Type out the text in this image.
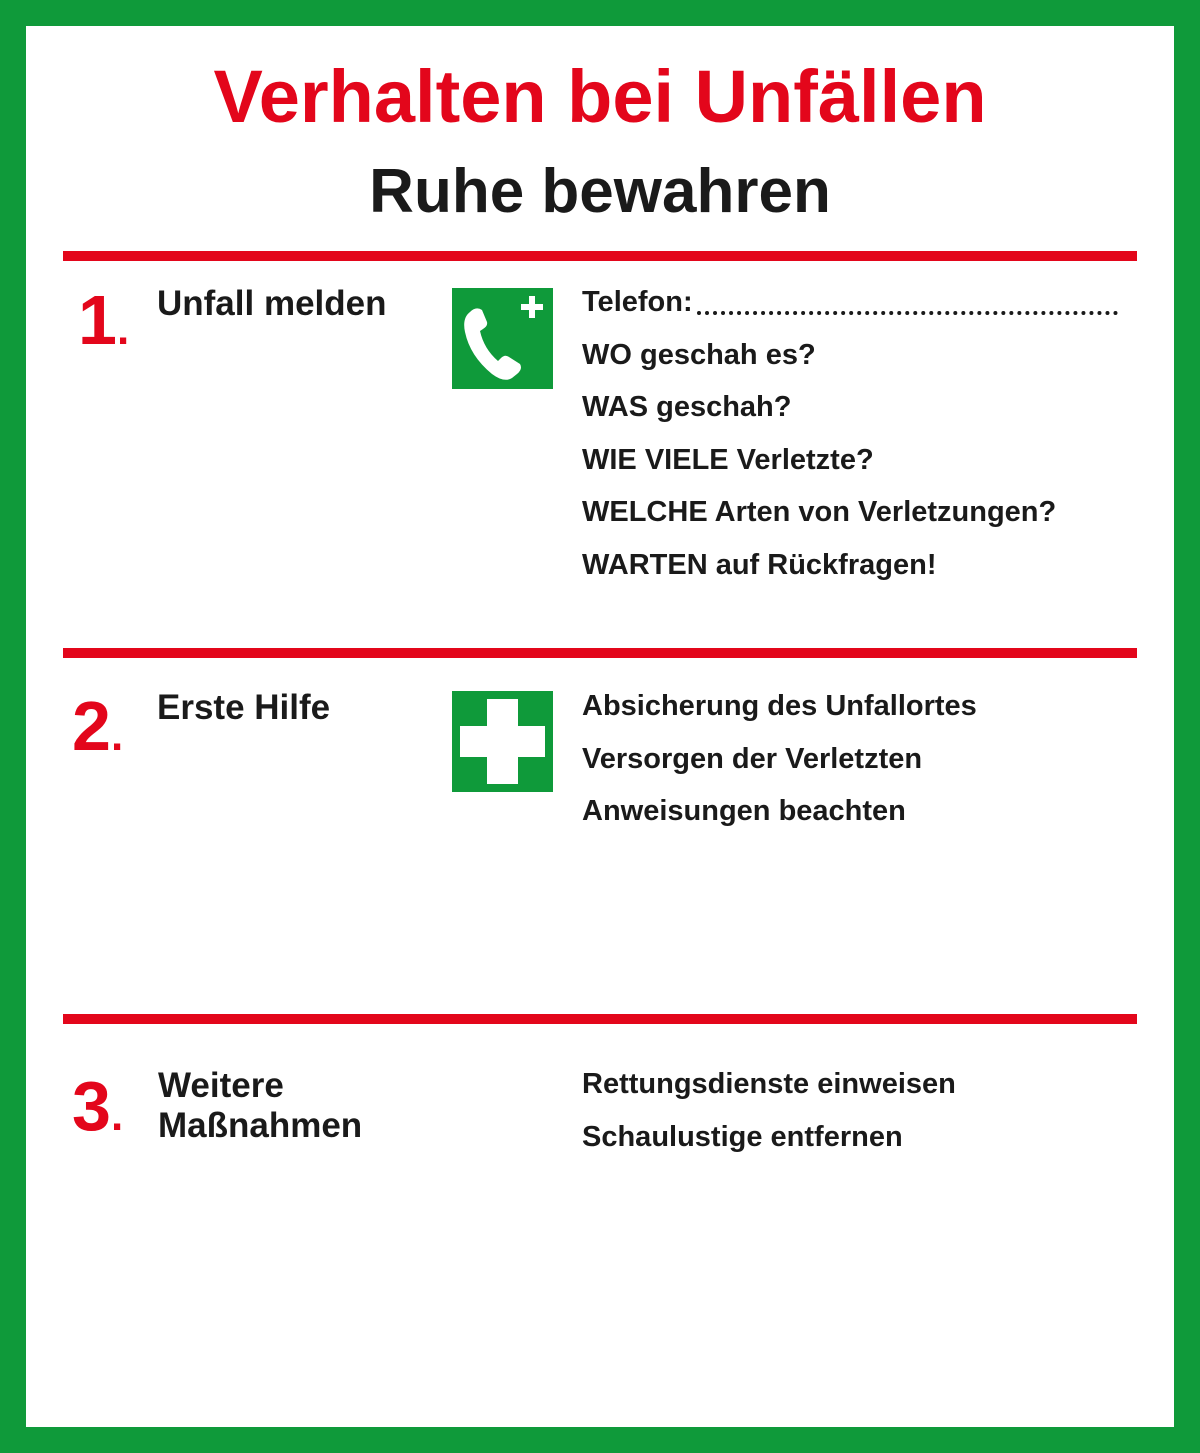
Verhalten bei Unfällen
Ruhe bewahren
1.
Unfall melden	Telefon:
WO geschah es?
WAS geschah?
WIE VIELE Verletzte?
WELCHE Arten von Verletzungen?
WARTEN auf Rückfragen!
2.
Erste Hilfe	Absicherung des Unfallortes
Versorgen der Verletzten
Anweisungen beachten
3.
Weitere
Maßnahmen
Rettungsdienste einweisen
Schaulustige entfernen
